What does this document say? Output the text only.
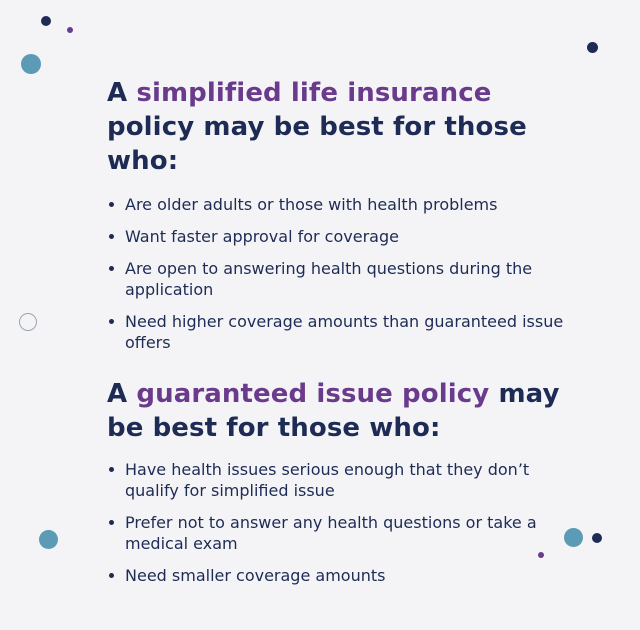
A simplified life insurance policy may be best for those who:
Are older adults or those with health problems
Want faster approval for coverage
Are open to answering health questions during the application
Need higher coverage amounts than guaranteed issue offers
A guaranteed issue policy may be best for those who:
Have health issues serious enough that they don’t qualify for simplified issue
Prefer not to answer any health questions or take a medical exam
Need smaller coverage amounts
